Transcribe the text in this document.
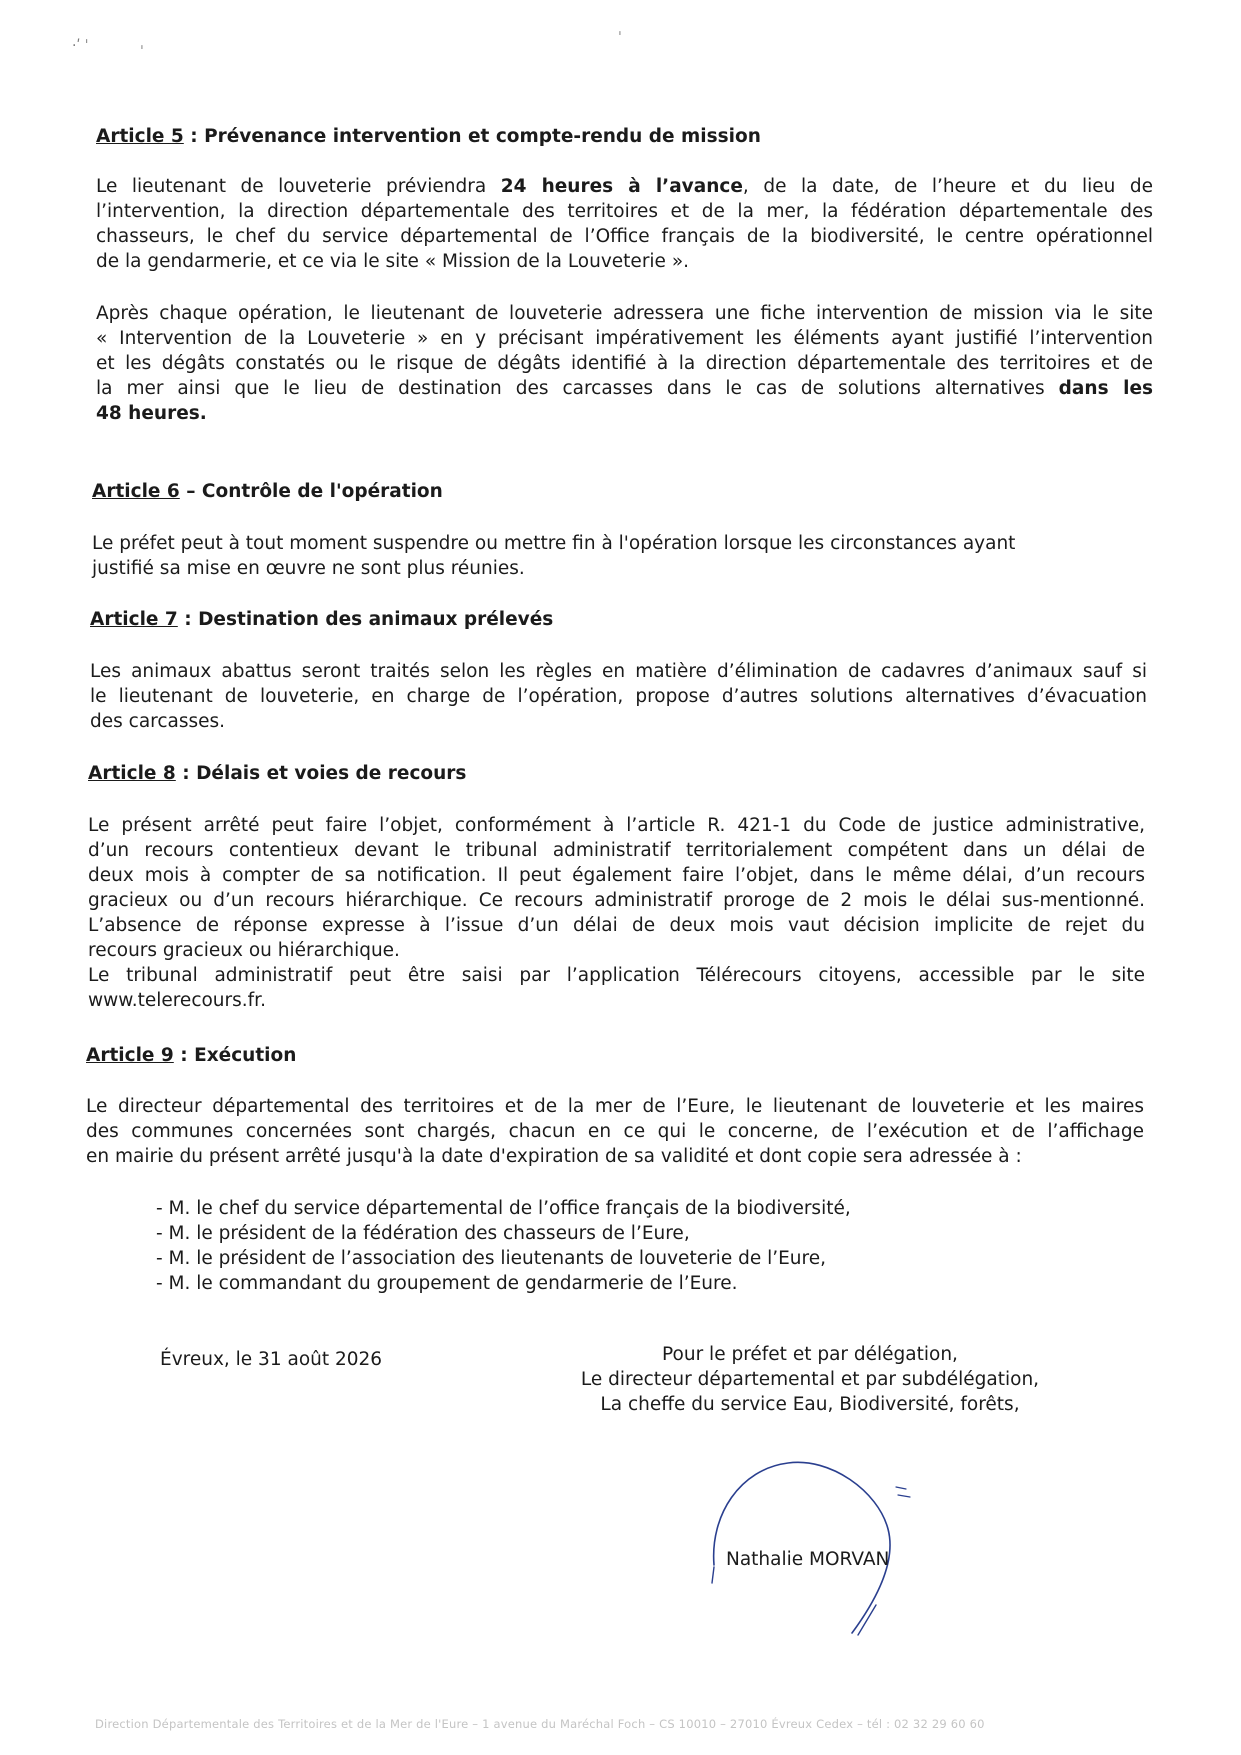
·ʹ ˈ	ˈ
ˈ
Article 5 : Prévenance intervention et compte-rendu de mission
Le lieutenant de louveterie préviendra 24 heures à l’avance, de la date, de l’heure et du lieu de
l’intervention, la direction départementale des territoires et de la mer, la fédération départementale des
chasseurs, le chef du service départemental de l’Office français de la biodiversité, le centre opérationnel
de la gendarmerie, et ce via le site « Mission de la Louveterie ».
Après chaque opération, le lieutenant de louveterie adressera une fiche intervention de mission via le site
« Intervention de la Louveterie » en y précisant impérativement les éléments ayant justifié l’intervention
et les dégâts constatés ou le risque de dégâts identifié à la direction départementale des territoires et de
la mer ainsi que le lieu de destination des carcasses dans le cas de solutions alternatives dans les
48 heures.
Article 6 – Contrôle de l'opération
Le préfet peut à tout moment suspendre ou mettre fin à l'opération lorsque les circonstances ayant
justifié sa mise en œuvre ne sont plus réunies.
Article 7 : Destination des animaux prélevés
Les animaux abattus seront traités selon les règles en matière d’élimination de cadavres d’animaux sauf si
le lieutenant de louveterie, en charge de l’opération, propose d’autres solutions alternatives d’évacuation
des carcasses.
Article 8 : Délais et voies de recours
Le présent arrêté peut faire l’objet, conformément à l’article R. 421-1 du Code de justice administrative,
d’un recours contentieux devant le tribunal administratif territorialement compétent dans un délai de
deux mois à compter de sa notification. Il peut également faire l’objet, dans le même délai, d’un recours
gracieux ou d’un recours hiérarchique. Ce recours administratif proroge de 2 mois le délai sus-mentionné.
L’absence de réponse expresse à l’issue d’un délai de deux mois vaut décision implicite de rejet du
recours gracieux ou hiérarchique.
Le tribunal administratif peut être saisi par l’application Télérecours citoyens, accessible par le site
www.telerecours.fr.
Article 9 : Exécution
Le directeur départemental des territoires et de la mer de l’Eure, le lieutenant de louveterie et les maires
des communes concernées sont chargés, chacun en ce qui le concerne, de l’exécution et de l’affichage
en mairie du présent arrêté jusqu'à la date d'expiration de sa validité et dont copie sera adressée à :
- M. le chef du service départemental de l’office français de la biodiversité,
- M. le président de la fédération des chasseurs de l’Eure,
- M. le président de l’association des lieutenants de louveterie de l’Eure,
- M. le commandant du groupement de gendarmerie de l’Eure.
Évreux, le 31 août 2026	Pour le préfet et par délégation,
Le directeur départemental et par subdélégation,
La cheffe du service Eau, Biodiversité, forêts,
Nathalie MORVAN
Direction Départementale des Territoires et de la Mer de l'Eure – 1 avenue du Maréchal Foch – CS 10010 – 27010 Évreux Cedex – tél : 02 32 29 60 60
